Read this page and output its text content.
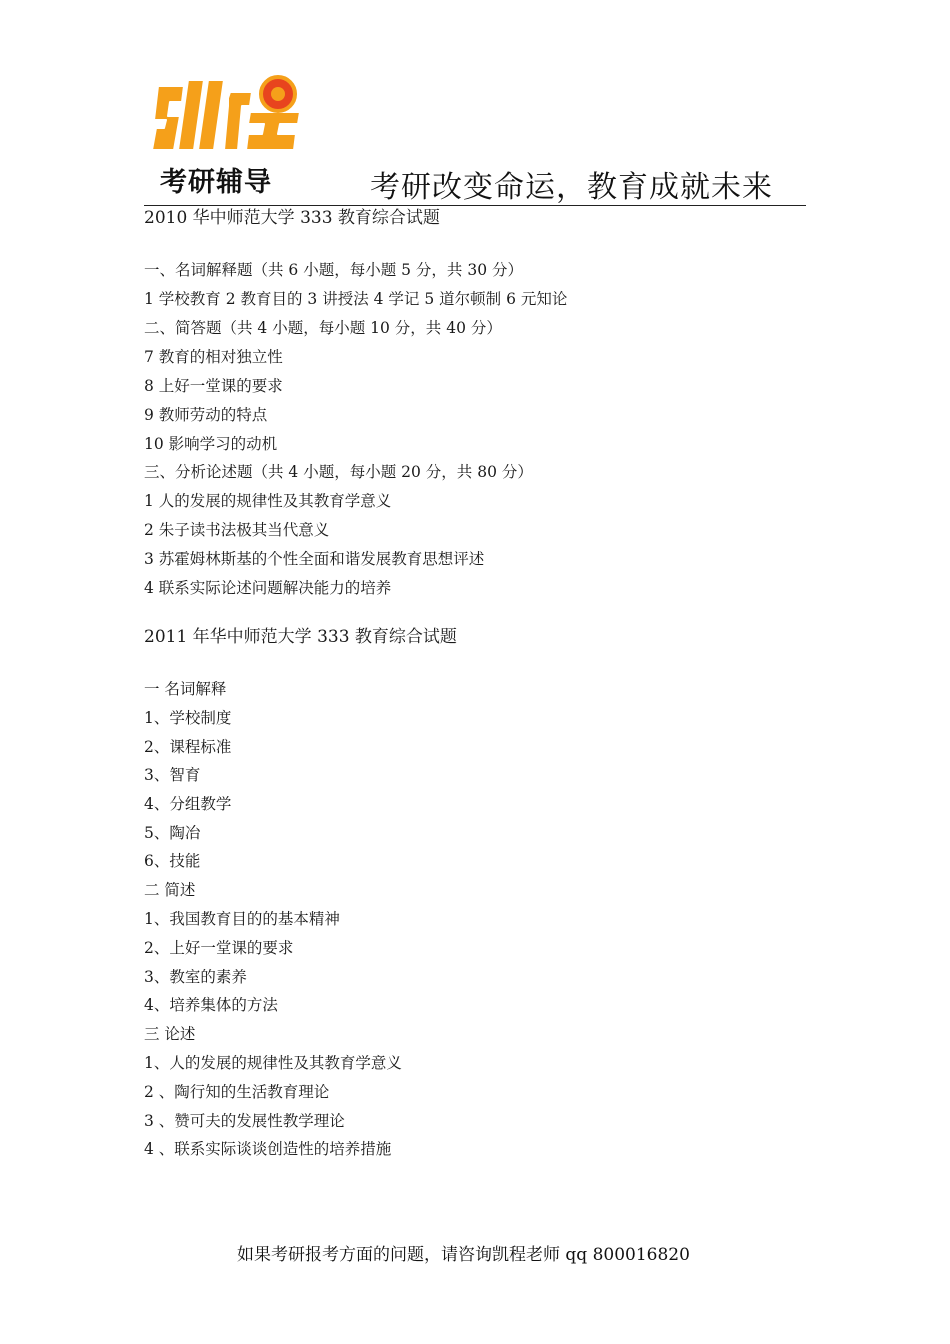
考研辅导	考研改变命运，教育成就未来
2010 华中师范大学 333 教育综合试题
一、名词解释题（共 6 小题，每小题 5 分，共 30 分）
1 学校教育 2 教育目的 3 讲授法 4 学记 5 道尔顿制 6 元知论
二、简答题（共 4 小题，每小题 10 分，共 40 分）
7 教育的相对独立性
8 上好一堂课的要求
9 教师劳动的特点
10 影响学习的动机
三、分析论述题（共 4 小题，每小题 20 分，共 80 分）
1 人的发展的规律性及其教育学意义
2 朱子读书法极其当代意义
3 苏霍姆林斯基的个性全面和谐发展教育思想评述
4 联系实际论述问题解决能力的培养
2011 年华中师范大学 333 教育综合试题
一 名词解释
1、学校制度
2、课程标准
3、智育
4、分组教学
5、陶冶
6、技能
二 简述
1、我国教育目的的基本精神
2、上好一堂课的要求
3、教室的素养
4、培养集体的方法
三 论述
1、人的发展的规律性及其教育学意义
2 、陶行知的生活教育理论
3 、赞可夫的发展性教学理论
4 、联系实际谈谈创造性的培养措施
如果考研报考方面的问题，请咨询凯程老师 qq 800016820
